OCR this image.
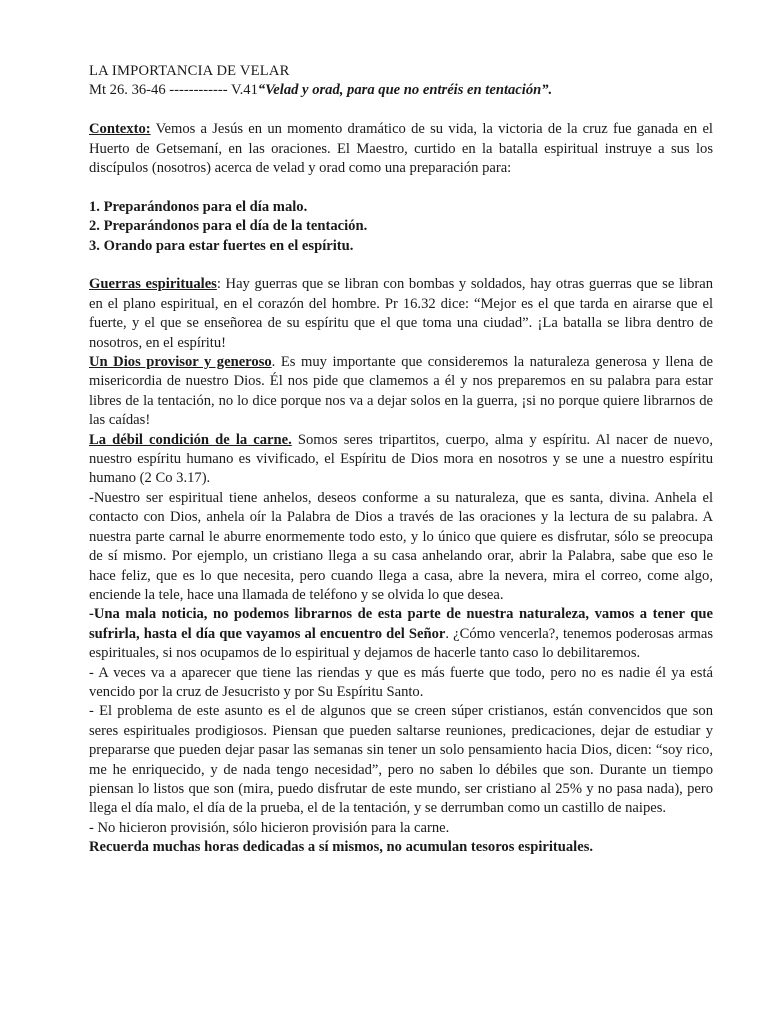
LA IMPORTANCIA DE VELAR

Mt 26. 36-46 ------------ V.41“Velad y orad, para que no entréis en tentación”.

Contexto: Vemos a Jesús en un momento dramático de su vida, la victoria de la cruz fue ganada en el Huerto de Getsemaní, en las oraciones. El Maestro, curtido en la batalla espiritual instruye a sus los discípulos (nosotros) acerca de velad y orad como una preparación para:

1. Preparándonos para el día malo.

2. Preparándonos para el día de la tentación.

3. Orando para estar fuertes en el espíritu.

Guerras espirituales: Hay guerras que se libran con bombas y soldados, hay otras guerras que se libran en el plano espiritual, en el corazón del hombre. Pr 16.32 dice: “Mejor es el que tarda en airarse que el fuerte, y el que se enseñorea de su espíritu que el que toma una ciudad”. ¡La batalla se libra dentro de nosotros, en el espíritu!

Un Dios provisor y generoso. Es muy importante que consideremos la naturaleza generosa y llena de misericordia de nuestro Dios. Él nos pide que clamemos a él y nos preparemos en su palabra para estar libres de la tentación, no lo dice porque nos va a dejar solos en la guerra, ¡si no porque quiere librarnos de las caídas!

La débil condición de la carne. Somos seres tripartitos, cuerpo, alma y espíritu. Al nacer de nuevo, nuestro espíritu humano es vivificado, el Espíritu de Dios mora en nosotros y se une a nuestro espíritu humano (2 Co 3.17).

-Nuestro ser espiritual tiene anhelos, deseos conforme a su naturaleza, que es santa, divina. Anhela el contacto con Dios, anhela oír la Palabra de Dios a través de las oraciones y la lectura de su palabra. A nuestra parte carnal le aburre enormemente todo esto, y lo único que quiere es disfrutar, sólo se preocupa de sí mismo. Por ejemplo, un cristiano llega a su casa anhelando orar, abrir la Palabra, sabe que eso le hace feliz, que es lo que necesita, pero cuando llega a casa, abre la nevera, mira el correo, come algo, enciende la tele, hace una llamada de teléfono y se olvida lo que desea.

-Una mala noticia, no podemos librarnos de esta parte de nuestra naturaleza, vamos a tener que sufrirla, hasta el día que vayamos al encuentro del Señor. ¿Cómo vencerla?, tenemos poderosas armas espirituales, si nos ocupamos de lo espiritual y dejamos de hacerle tanto caso lo debilitaremos.

- A veces va a aparecer que tiene las riendas y que es más fuerte que todo, pero no es nadie él ya está vencido por la cruz de Jesucristo y por Su Espíritu Santo.

- El problema de este asunto es el de algunos que se creen súper cristianos, están convencidos que son seres espirituales prodigiosos. Piensan que pueden saltarse reuniones, predicaciones, dejar de estudiar y prepararse que pueden dejar pasar las semanas sin tener un solo pensamiento hacia Dios, dicen: “soy rico, me he enriquecido, y de nada tengo necesidad”, pero no saben lo débiles que son. Durante un tiempo piensan lo listos que son (mira, puedo disfrutar de este mundo, ser cristiano al 25% y no pasa nada), pero llega el día malo, el día de la prueba, el de la tentación, y se derrumban como un castillo de naipes.

- No hicieron provisión, sólo hicieron provisión para la carne.

Recuerda muchas horas dedicadas a sí mismos, no acumulan tesoros espirituales.
